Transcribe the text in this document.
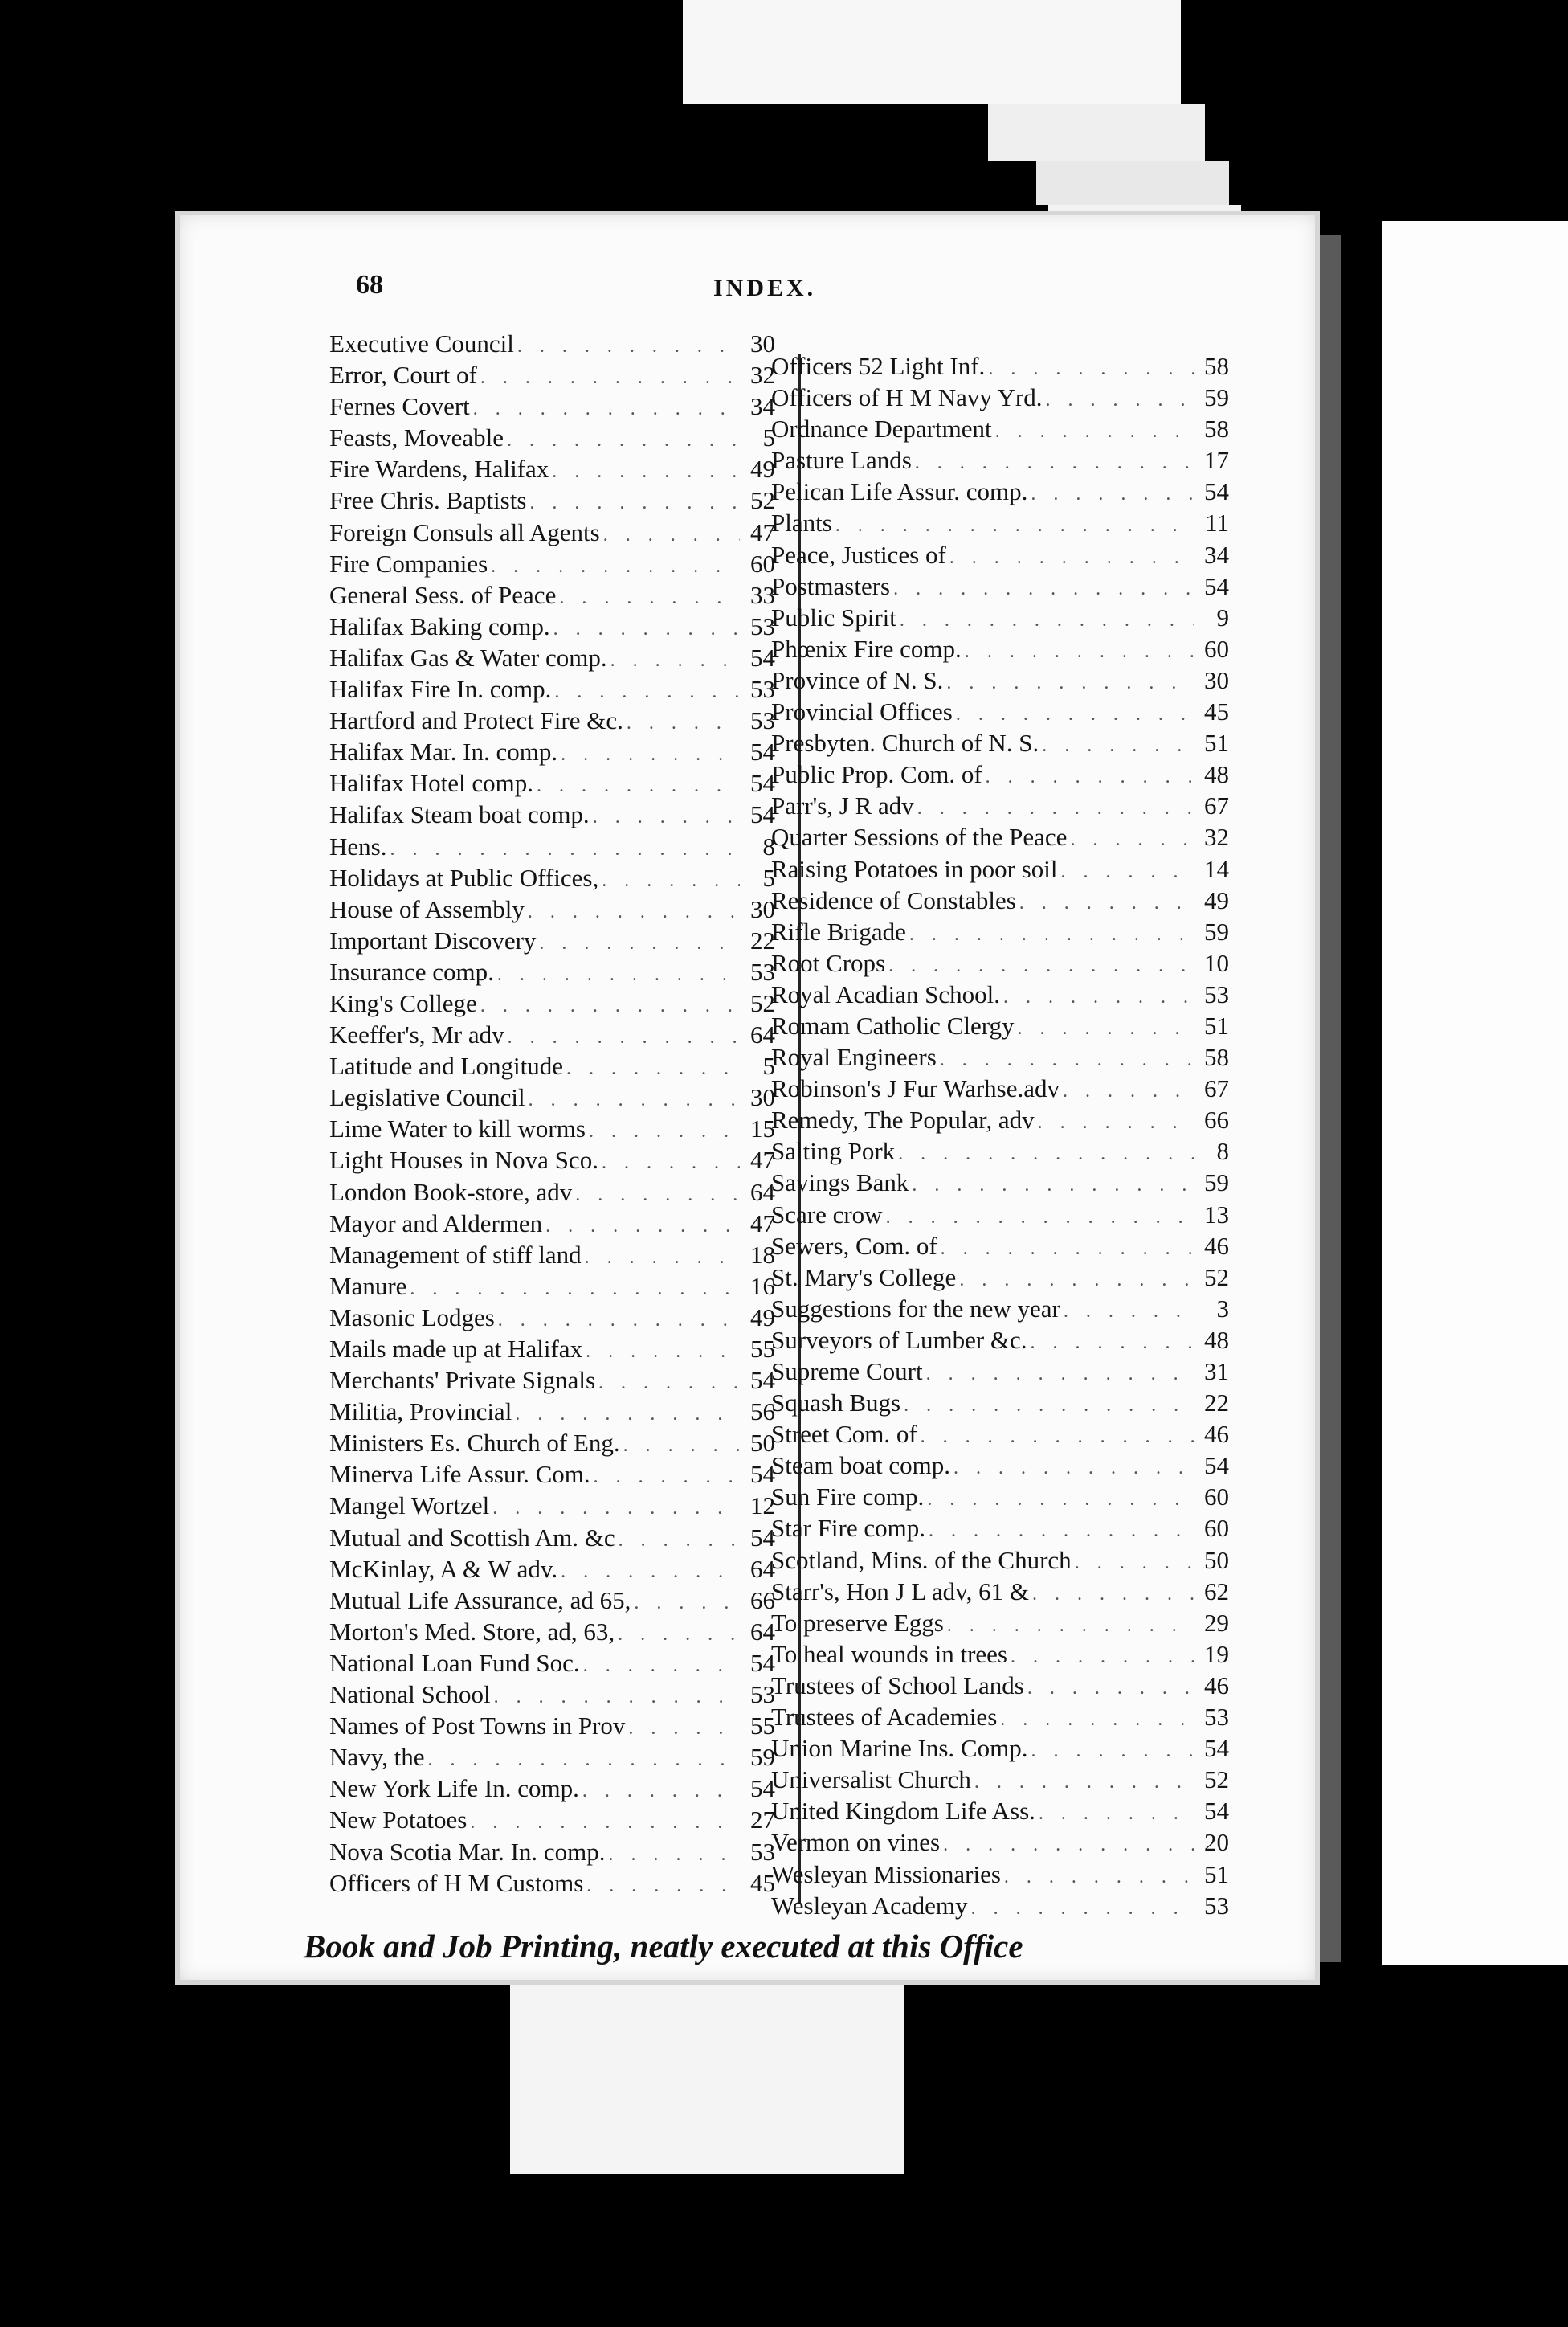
68	INDEX.
Executive Council . . .	30
Error, Court of . . .	32
Fernes Covert . . .	34
Feasts, Moveable . . .	5
Fire Wardens, Halifax . . .	49
Free Chris. Baptists . . .	52
Foreign Consuls all Agents . . .	47
Fire Companies . . .	60
General Sess. of Peace . . .	33
Halifax Baking comp. . . .	53
Halifax Gas & Water comp. . . .	54
Halifax Fire In. comp. . . .	53
Hartford and Protect Fire &c. . . .	53
Halifax Mar. In. comp. . . .	54
Halifax Hotel comp. . . .	54
Halifax Steam boat comp. . . .	54
Hens. . . .	8
Holidays at Public Offices, . . .	5
House of Assembly . . .	30
Important Discovery . . .	22
Insurance comp. . . .	53
King's College . . .	52
Keeffer's, Mr adv . . .	64
Latitude and Longitude . . .	5
Legislative Council . . .	30
Lime Water to kill worms . . .	15
Light Houses in Nova Sco. . . .	47
London Book-store, adv . . .	64
Mayor and Aldermen . . .	47
Management of stiff land . . .	18
Manure . . .	16
Masonic Lodges . . .	49
Mails made up at Halifax . . .	55
Merchants' Private Signals . . .	54
Militia, Provincial . . .	56
Ministers Es. Church of Eng. . . .	50
Minerva Life Assur. Com. . . .	54
Mangel Wortzel . . .	12
Mutual and Scottish Am. &c . . .	54
McKinlay, A & W adv. . . .	64
Mutual Life Assurance, ad 65, . . .	66
Morton's Med. Store, ad, 63, . . .	64
National Loan Fund Soc. . . .	54
National School . . .	53
Names of Post Towns in Prov . . .	55
Navy, the . . .	59
New York Life In. comp. . . .	54
New Potatoes . . .	27
Nova Scotia Mar. In. comp. . . .	53
Officers of H M Customs . . .	45
Officers 52 Light Inf. . . .	58
Officers of H M Navy Yrd. . . .	59
Ordnance Department . . .	58
Pasture Lands . . .	17
Pelican Life Assur. comp. . . .	54
Plants . . .	11
Peace, Justices of . . .	34
Postmasters . . .	54
Public Spirit . . .	9
Phœnix Fire comp. . . .	60
Province of N. S. . . .	30
Provincial Offices . . .	45
Presbyten. Church of N. S. . . .	51
Public Prop. Com. of . . .	48
Parr's, J R adv . . .	67
Quarter Sessions of the Peace . . .	32
Raising Potatoes in poor soil . . .	14
Residence of Constables . . .	49
Rifle Brigade . . .	59
Root Crops . . .	10
Royal Acadian School. . . .	53
Romam Catholic Clergy . . .	51
Royal Engineers . . .	58
Robinson's J Fur Warhse.adv . . .	67
Remedy, The Popular, adv . . .	66
Salting Pork . . .	8
Savings Bank . . .	59
Scare crow . . .	13
Sewers, Com. of . . .	46
St. Mary's College . . .	52
Suggestions for the new year . . .	3
Surveyors of Lumber &c. . . .	48
Supreme Court . . .	31
Squash Bugs . . .	22
Street Com. of . . .	46
Steam boat comp. . . .	54
Sun Fire comp. . . .	60
Star Fire comp. . . .	60
Scotland, Mins. of the Church . . .	50
Starr's, Hon J L adv, 61 & . . .	62
To preserve Eggs . . .	29
To heal wounds in trees . . .	19
Trustees of School Lands . . .	46
Trustees of Academies . . .	53
Union Marine Ins. Comp. . . .	54
Universalist Church . . .	52
United Kingdom Life Ass. . . .	54
Vermon on vines . . .	20
Wesleyan Missionaries . . .	51
Wesleyan Academy . . .	53
Book and Job Printing, neatly executed at this Office
